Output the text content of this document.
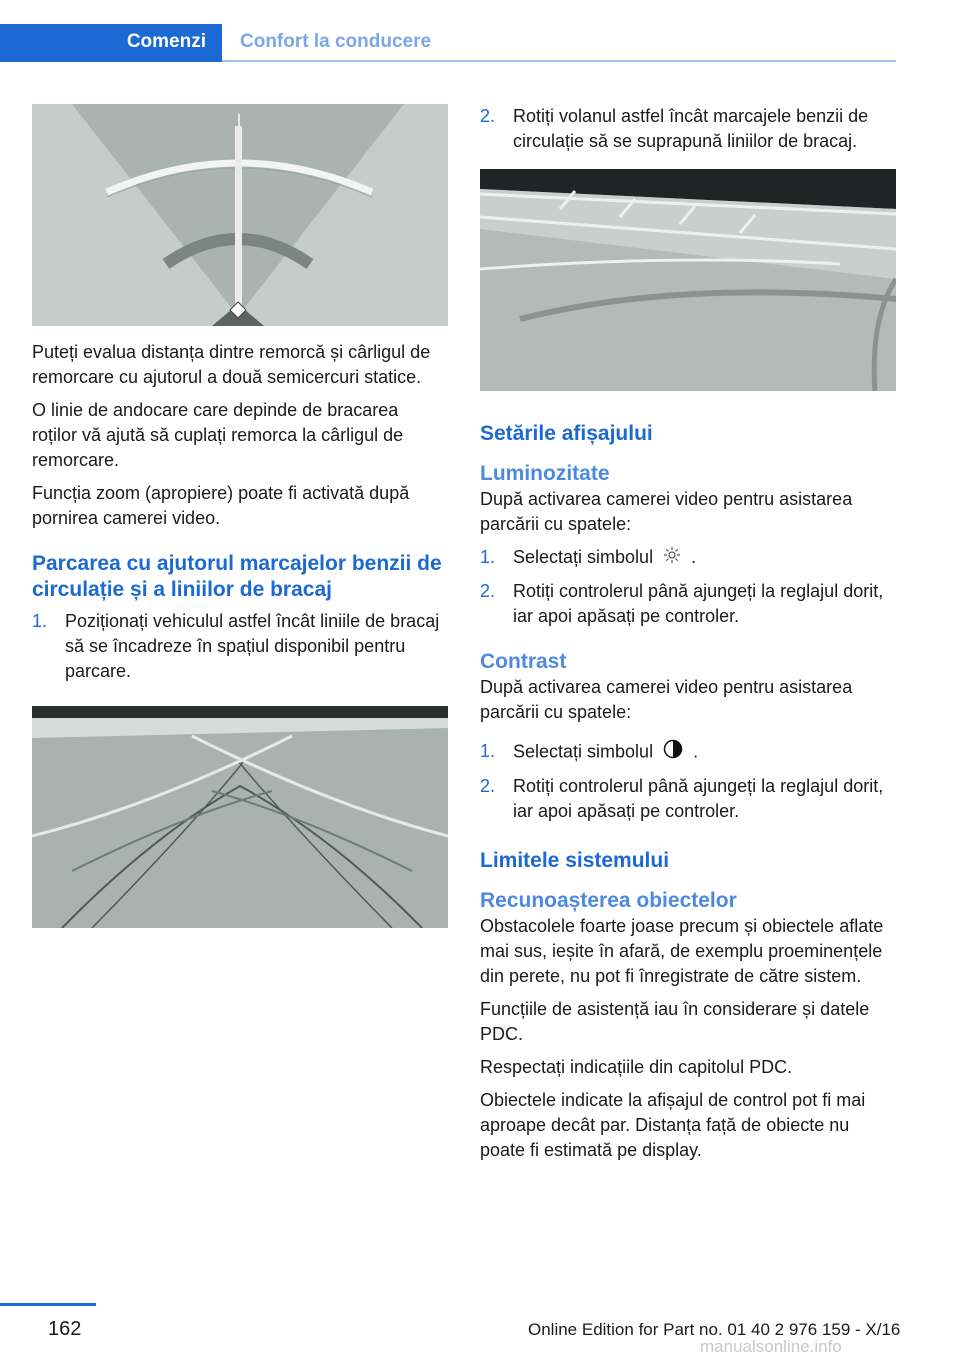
Comenzi	Confort la conducere

Puteți evalua distanța dintre remorcă și cârligul de remorcare cu ajutorul a două semicercuri statice.

O linie de andocare care depinde de bracarea roților vă ajută să cuplați remorca la cârligul de remorcare.

Funcția zoom (apropiere) poate fi activată după pornirea camerei video.

Parcarea cu ajutorul marcajelor benzii de circulație și a liniilor de bracaj
1. Poziționați vehiculul astfel încât liniile de bracaj să se încadreze în spațiul disponibil pentru parcare.
2. Rotiți volanul astfel încât marcajele benzii de circulație să se suprapună liniilor de bracaj.
Setările afișajului
Luminozitate

După activarea camerei video pentru asistarea parcării cu spatele:

1. Selectați simbolul .
2. Rotiți controlerul până ajungeți la reglajul dorit, iar apoi apăsați pe controler.
Contrast

După activarea camerei video pentru asistarea parcării cu spatele:

1. Selectați simbolul .
2. Rotiți controlerul până ajungeți la reglajul dorit, iar apoi apăsați pe controler.
Limitele sistemului
Recunoașterea obiectelor

Obstacolele foarte joase precum și obiectele aflate mai sus, ieșite în afară, de exemplu proeminențele din perete, nu pot fi înregistrate de către sistem.

Funcțiile de asistență iau în considerare și datele PDC.

Respectați indicațiile din capitolul PDC.

Obiectele indicate la afișajul de control pot fi mai aproape decât par. Distanța față de obiecte nu poate fi estimată pe display.

162	Online Edition for Part no. 01 40 2 976 159 - X/16
manualsonline.info
